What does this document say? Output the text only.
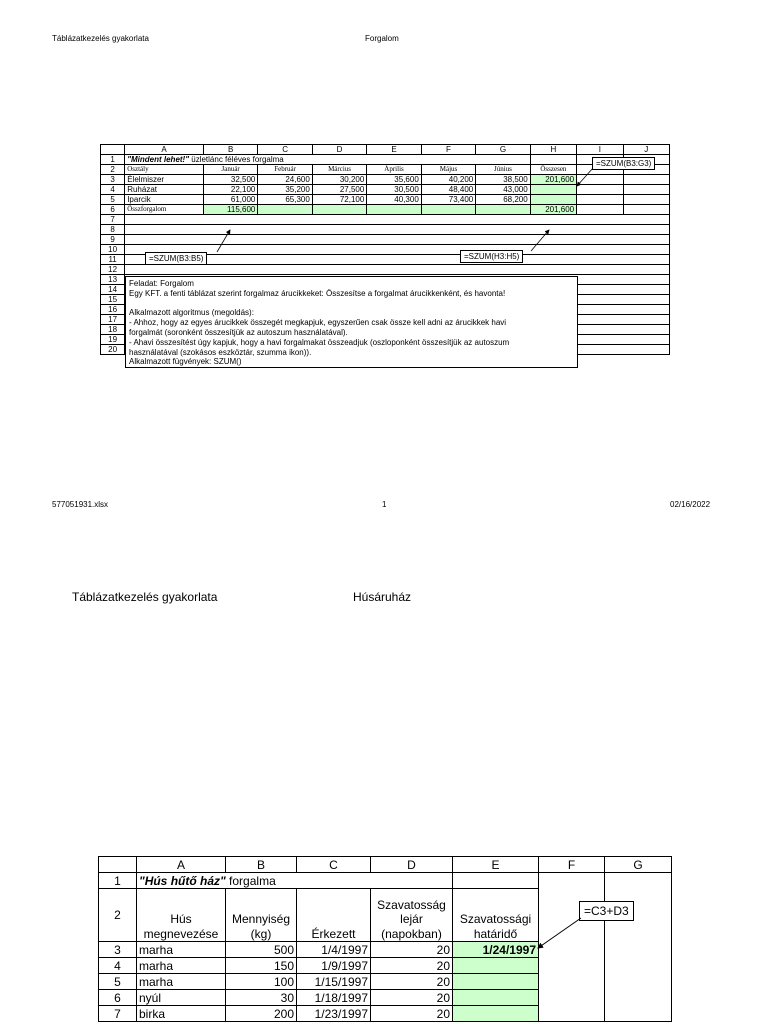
Táblázatkezelés gyakorlata	Forgalom
	A	B	C	D	E	F	G	H	I	J
1	"Mindent lehet!" üzletlánc féléves forgalma									
2	Osztály	Január	Február	Március	Április	Május	Június	Összesen		
3	Élelmiszer	32,500	24,600	30,200	35,600	40,200	38,500	201,600		
4	Ruházat	22,100	35,200	27,500	30,500	48,400	43,000			
5	Iparcik	61,000	65,300	72,100	40,300	73,400	68,200			
6	Összforgalom	115,600						201,600		
7										
8										
9										
10										
11										
12										
13										
14										
15										
16										
17										
18										
19										
20										
=SZUM(B3:G3)
=SZUM(B3:B5)	=SZUM(H3:H5)
Feladat: Forgalom
Egy KFT. a fenti táblázat szerint forgalmaz árucikkeket: Összesítse a forgalmat árucikkenként, és havonta!
Alkalmazott algoritmus (megoldás):
- Ahhoz, hogy az egyes árucikkek összegét megkapjuk, egyszerűen csak össze kell adni az árucikkek havi
forgalmát (soronként összesítjük az autoszum használatával).
- Ahavi összesítést úgy kapjuk, hogy a havi forgalmakat összeadjuk (oszloponként összesítjük az autoszum
használatával (szokásos eszköztár, szumma ikon)).
Alkalmazott fügvények: SZUM()
577051931.xlsx	1	02/16/2022
Táblázatkezelés gyakorlata	Húsáruház
	A	B	C	D	E	F	G
1	"Hús hűtő ház" forgalma						
2	Hús megnevezése	Mennyiség (kg)	Érkezett	Szavatosság lejár (napokban)	Szavatossági határidő		
3	marha	500	1/4/1997	20	1/24/1997		
4	marha	150	1/9/1997	20			
5	marha	100	1/15/1997	20			
6	nyúl	30	1/18/1997	20			
7	birka	200	1/23/1997	20			
=C3+D3
